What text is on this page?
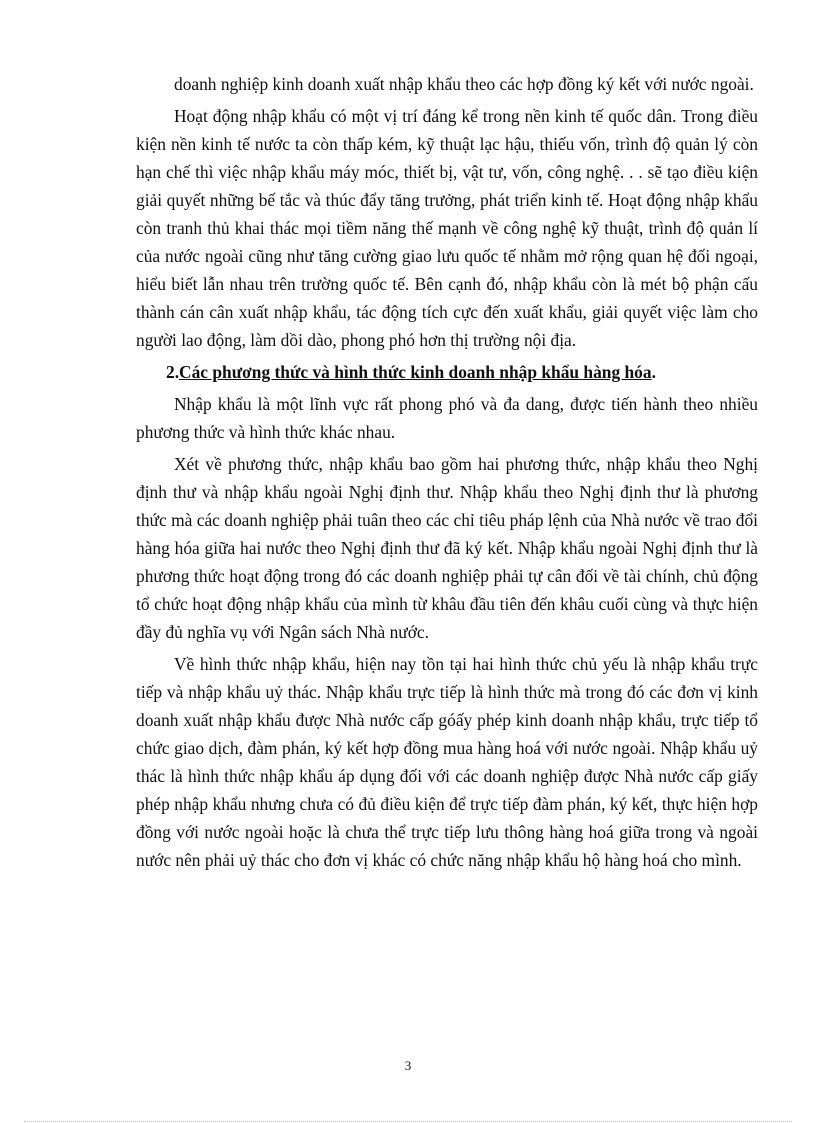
doanh nghiệp kinh doanh xuất nhập khẩu theo các hợp đồng ký kết với nước ngoài.

Hoạt động nhập khẩu có một vị trí đáng kể trong nền kinh tế quốc dân. Trong điều kiện nền kinh tế nước ta còn thấp kém, kỹ thuật lạc hậu, thiếu vốn, trình độ quản lý còn hạn chế thì việc nhập khẩu máy móc, thiết bị, vật tư, vốn, công nghệ. . . sẽ tạo điều kiện giải quyết những bế tắc và thúc đẩy tăng trưởng, phát triển kinh tế. Hoạt động nhập khẩu còn tranh thủ khai thác mọi tiềm năng thế mạnh về công nghệ kỹ thuật, trình độ quản lí của nước ngoài cũng như tăng cường giao lưu quốc tế nhằm mở rộng quan hệ đối ngoại, hiểu biết lẫn nhau trên trường quốc tế. Bên cạnh đó, nhập khẩu còn là mét bộ phận cấu thành cán cân xuất nhập khẩu, tác động tích cực đến xuất khẩu, giải quyết việc làm cho người lao động, làm dồi dào, phong phó hơn thị trường nội địa.

2.Các phương thức và hình thức kinh doanh nhập khẩu hàng hóa.

Nhập khẩu là một lĩnh vực rất phong phó và đa dang, được tiến hành theo nhiều phương thức và hình thức khác nhau.

Xét về phương thức, nhập khẩu bao gồm hai phương thức, nhập khẩu theo Nghị định thư và nhập khẩu ngoài Nghị định thư. Nhập khẩu theo Nghị định thư là phương thức mà các doanh nghiệp phải tuân theo các chỉ tiêu pháp lệnh của Nhà nước về trao đổi hàng hóa giữa hai nước theo Nghị định thư đã ký kết. Nhập khẩu ngoài Nghị định thư là phương thức hoạt động trong đó các doanh nghiệp phải tự cân đối về tài chính, chủ động tổ chức hoạt động nhập khẩu của mình từ khâu đầu tiên đến khâu cuối cùng và thực hiện đầy đủ nghĩa vụ với Ngân sách Nhà nước.

Về hình thức nhập khẩu, hiện nay tồn tại hai hình thức chủ yếu là nhập khẩu trực tiếp và nhập khẩu uỷ thác. Nhập khẩu trực tiếp là hình thức mà trong đó các đơn vị kinh doanh xuất nhập khẩu được Nhà nước cấp góấy phép kinh doanh nhập khẩu, trực tiếp tổ chức giao dịch, đàm phán, ký kết hợp đồng mua hàng hoá với nước ngoài. Nhập khẩu uỷ thác là hình thức nhập khẩu áp dụng đối với các doanh nghiệp được Nhà nước cấp giấy phép nhập khẩu nhưng chưa có đủ điều kiện để trực tiếp đàm phán, ký kết, thực hiện hợp đồng với nước ngoài hoặc là chưa thể trực tiếp lưu thông hàng hoá giữa trong và ngoài nước nên phải uỷ thác cho đơn vị khác có chức năng nhập khẩu hộ hàng hoá cho mình.

3
